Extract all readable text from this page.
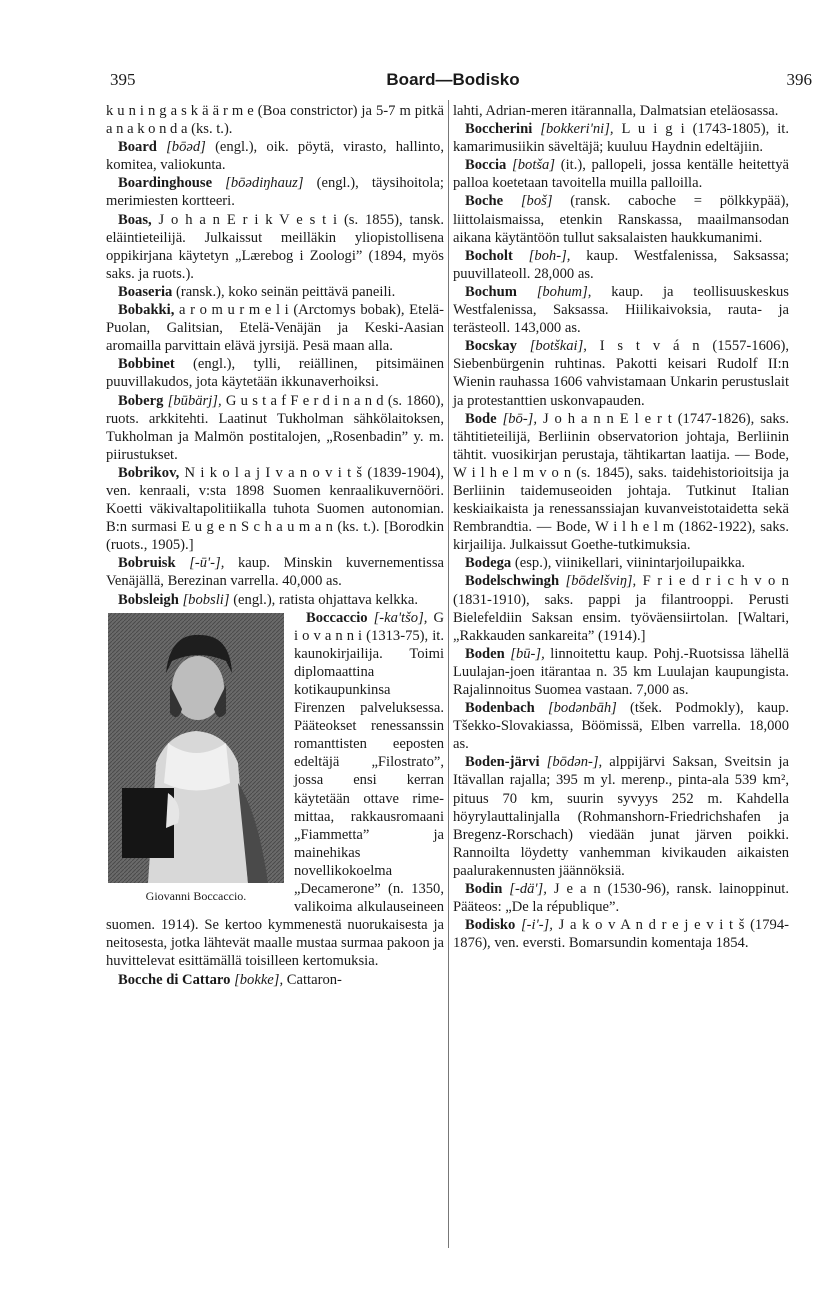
395	Board—Bodisko	396

k u n i n g a s k ä ä r m e (Boa constrictor) ja 5-7 m pitkä a n a k o n d a (ks. t.).

Board [bōəd] (engl.), oik. pöytä, virasto, hallinto, komitea, valiokunta.

Boardinghouse [bōədiŋhauz] (engl.), täysihoitola; merimiesten kortteeri.

Boas, J o h a n E r i k V e s t i (s. 1855), tansk. eläintieteilijä. Julkaissut meilläkin yliopistollisena oppikirjana käytetyn „Lærebog i Zoologi” (1894, myös saks. ja ruots.).

Boaseria (ransk.), koko seinän peittävä paneili.

Bobakki, a r o m u r m e l i (Arctomys bobak), Etelä-Puolan, Galitsian, Etelä-Venäjän ja Keski-Aasian aromailla parvittain elävä jyrsijä. Pesä maan alla.

Bobbinet (engl.), tylli, reiällinen, pitsimäinen puuvillakudos, jota käytetään ikkunaverhoiksi.

Boberg [būbärj], G u s t a f F e r d i n a n d (s. 1860), ruots. arkkitehti. Laatinut Tukholman sähkölaitoksen, Tukholman ja Malmön postitalojen, „Rosenbadin” y. m. piirustukset.

Bobrikov, N i k o l a j I v a n o v i t š (1839-1904), ven. kenraali, v:sta 1898 Suomen kenraalikuvernööri. Koetti väkivaltapolitiikalla tuhota Suomen autonomian. B:n surmasi E u g e n S c h a u m a n (ks. t.). [Borodkin (ruots., 1905).]

Bobruisk [-ū'-], kaup. Minskin kuvernementissa Venäjällä, Berezinan varrella. 40,000 as.

Bobsleigh [bobsli] (engl.), ratista ohjattava kelkka.

Giovanni Boccaccio.

Boccaccio [-ka'tšo], G i o v a n n i (1313-75), it. kaunokirjailija. Toimi diplomaattina kotikaupunkinsa Firenzen palveluksessa. Pääteokset renessanssin romanttisten eeposten edeltäjä „Filostrato”, jossa ensi kerran käytetään ottave rime-mittaa, rakkausromaani „Fiammetta” ja mainehikas novellikokoelma „Decamerone” (n. 1350, valikoima alkulauseineen suomen. 1914). Se kertoo kymmenestä nuorukaisesta ja neitosesta, jotka lähtevät maalle mustaa surmaa pakoon ja huvittelevat esittämällä toisilleen kertomuksia.

Bocche di Cattaro [bokke], Cattaron-

lahti, Adrian-meren itärannalla, Dalmatsian eteläosassa.

Boccherini [bokkeri'ni], L u i g i (1743-1805), it. kamarimusiikin säveltäjä; kuuluu Haydnin edeltäjiin.

Boccia [botša] (it.), pallopeli, jossa kentälle heitettyä palloa koetetaan tavoitella muilla palloilla.

Boche [boš] (ransk. caboche = pölkkypää), liittolaismaissa, etenkin Ranskassa, maailmansodan aikana käytäntöön tullut saksalaisten haukkumanimi.

Bocholt [boh-], kaup. Westfalenissa, Saksassa; puuvillateoll. 28,000 as.

Bochum [bohum], kaup. ja teollisuuskeskus Westfalenissa, Saksassa. Hiilikaivoksia, rauta- ja terästeoll. 143,000 as.

Bocskay [botškai], I s t v á n (1557-1606), Siebenbürgenin ruhtinas. Pakotti keisari Rudolf II:n Wienin rauhassa 1606 vahvistamaan Unkarin perustuslait ja protestanttien uskonvapauden.

Bode [bō-], J o h a n n E l e r t (1747-1826), saks. tähtitieteilijä, Berliinin observatorion johtaja, Berliinin tähtit. vuosikirjan perustaja, tähtikartan laatija. — Bode, W i l h e l m v o n (s. 1845), saks. taidehistorioitsija ja Berliinin taidemuseoiden johtaja. Tutkinut Italian keskiaikaista ja renessanssiajan kuvanveistotaidetta sekä Rembrandtia. — Bode, W i l h e l m (1862-1922), saks. kirjailija. Julkaissut Goethe-tutkimuksia.

Bodega (esp.), viinikellari, viinintarjoilupaikka.

Bodelschwingh [bōdelšviŋ], F r i e d r i c h v o n (1831-1910), saks. pappi ja filantrooppi. Perusti Bielefeldiin Saksan ensim. työväensiirtolan. [Waltari, „Rakkauden sankareita” (1914).]

Boden [bū-], linnoitettu kaup. Pohj.-Ruotsissa lähellä Luulajan-joen itärantaa n. 35 km Luulajan kaupungista. Rajalinnoitus Suomea vastaan. 7,000 as.

Bodenbach [bodənbāh] (tšek. Podmokly), kaup. Tšekko-Slovakiassa, Böömissä, Elben varrella. 18,000 as.

Boden-järvi [bōdən-], alppijärvi Saksan, Sveitsin ja Itävallan rajalla; 395 m yl. merenp., pinta-ala 539 km², pituus 70 km, suurin syvyys 252 m. Kahdella höyrylauttalinjalla (Rohmanshorn-Friedrichshafen ja Bregenz-Rorschach) viedään junat järven poikki. Rannoilta löydetty vanhemman kivikauden aikaisten paalurakennusten jäännöksiä.

Bodin [-dä'], J e a n (1530-96), ransk. lainoppinut. Pääteos: „De la république”.

Bodisko [-i'-], J a k o v A n d r e j e v i t š (1794-1876), ven. eversti. Bomarsundin komentaja 1854.
